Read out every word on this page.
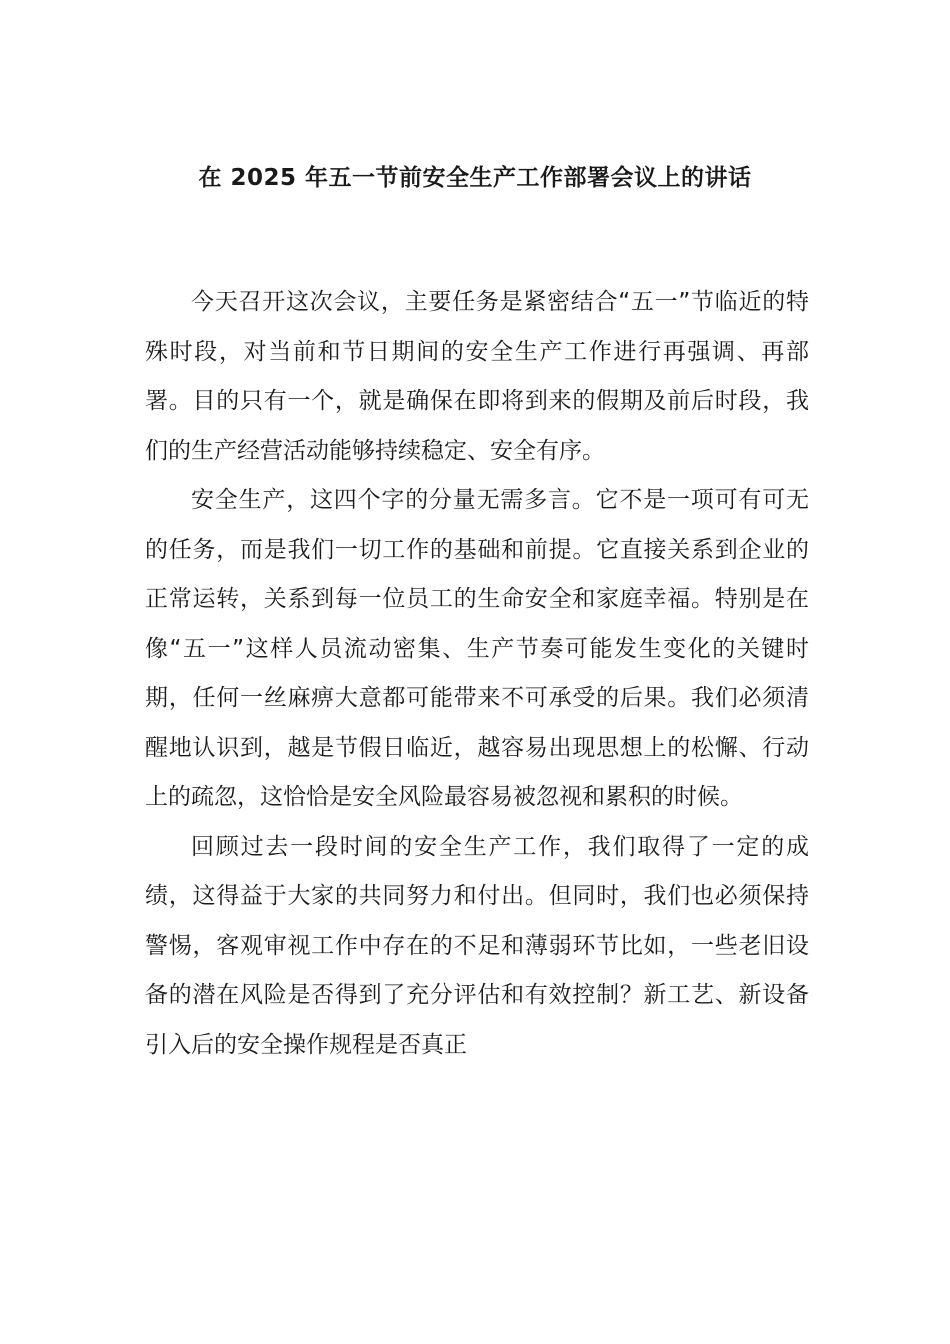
在 2025 年五一节前安全生产工作部署会议上的讲话

今天召开这次会议，主要任务是紧密结合“五一”节临近的特殊时段，对当前和节日期间的安全生产工作进行再强调、再部署。目的只有一个，就是确保在即将到来的假期及前后时段，我们的生产经营活动能够持续稳定、安全有序。

安全生产，这四个字的分量无需多言。它不是一项可有可无的任务，而是我们一切工作的基础和前提。它直接关系到企业的正常运转，关系到每一位员工的生命安全和家庭幸福。特别是在像“五一”这样人员流动密集、生产节奏可能发生变化的关键时期，任何一丝麻痹大意都可能带来不可承受的后果。我们必须清醒地认识到，越是节假日临近，越容易出现思想上的松懈、行动上的疏忽，这恰恰是安全风险最容易被忽视和累积的时候。

回顾过去一段时间的安全生产工作，我们取得了一定的成绩，这得益于大家的共同努力和付出。但同时，我们也必须保持警惕，客观审视工作中存在的不足和薄弱环节比如，一些老旧设备的潜在风险是否得到了充分评估和有效控制？新工艺、新设备引入后的安全操作规程是否真正
